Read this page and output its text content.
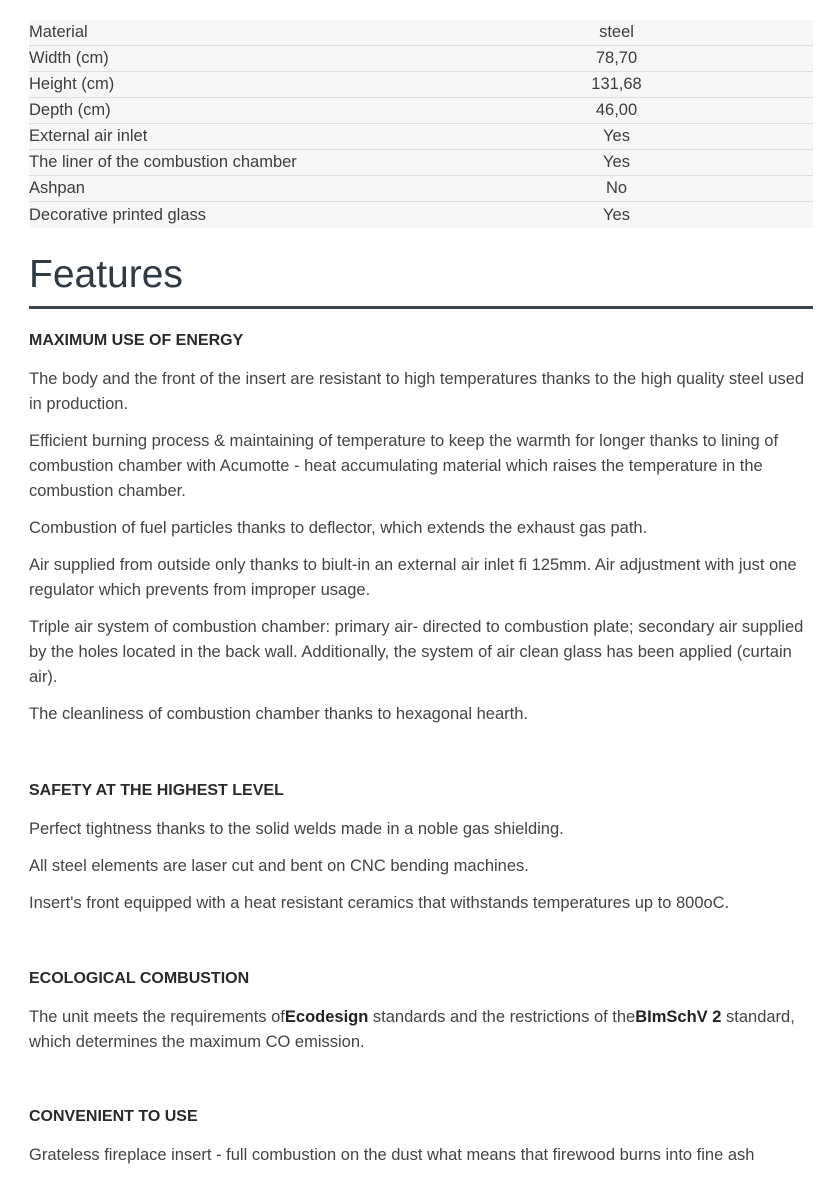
Material	steel
Width (cm)	78,70
Height (cm)	131,68
Depth (cm)	46,00
External air inlet	Yes
The liner of the combustion chamber	Yes
Ashpan	No
Decorative printed glass	Yes
Features
MAXIMUM USE OF ENERGY

The body and the front of the insert are resistant to high temperatures thanks to the high quality steel used in production.

Efficient burning process & maintaining of temperature to keep the warmth for longer thanks to lining of combustion chamber with Acumotte - heat accumulating material which raises the temperature in the combustion chamber.

Combustion of fuel particles thanks to deflector, which extends the exhaust gas path.

Air supplied from outside only thanks to biult-in an external air inlet fi 125mm. Air adjustment with just one regulator which prevents from improper usage.

Triple air system of combustion chamber: primary air- directed to combustion plate; secondary air supplied by the holes located in the back wall. Additionally, the system of air clean glass has been applied (curtain air).

The cleanliness of combustion chamber thanks to hexagonal hearth.

SAFETY AT THE HIGHEST LEVEL

Perfect tightness thanks to the solid welds made in a noble gas shielding.

All steel elements are laser cut and bent on CNC bending machines.

Insert's front equipped with a heat resistant ceramics that withstands temperatures up to 800oC.

ECOLOGICAL COMBUSTION

The unit meets the requirements ofEcodesign standards and the restrictions of theBImSchV 2 standard, which determines the maximum CO emission.

CONVENIENT TO USE

Grateless fireplace insert - full combustion on the dust what means that firewood burns into fine ash
